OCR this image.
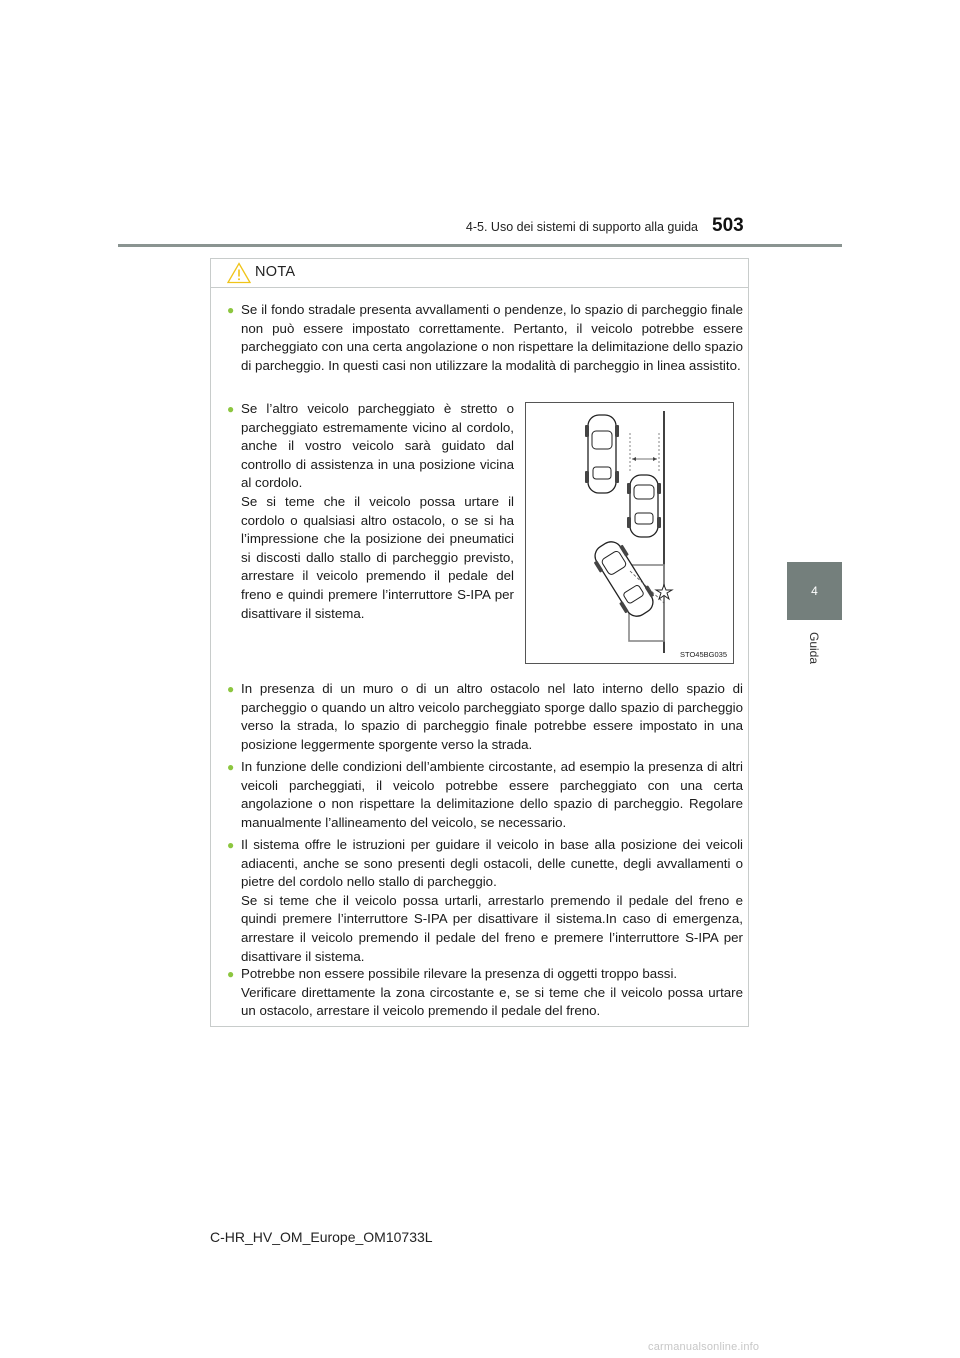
4-5. Uso dei sistemi di supporto alla guida 503
4
Guida
NOTA
● Se il fondo stradale presenta avvallamenti o pendenze, lo spazio di parcheggio finale non può essere impostato correttamente. Pertanto, il veicolo potrebbe essere parcheggiato con una certa angolazione o non rispettare la delimitazione dello spazio di parcheggio. In questi casi non utilizzare la modalità di parcheggio in linea assistito.

● Se l’altro veicolo parcheggiato è stretto o parcheggiato estremamente vicino al cordolo, anche il vostro veicolo sarà guidato dal controllo di assistenza in una posizione vicina al cordolo.

Se si teme che il veicolo possa urtare il cordolo o qualsiasi altro ostacolo, o se si ha l’impressione che la posizione dei pneumatici si discosti dallo stallo di parcheggio previsto, arrestare il veicolo premendo il pedale del freno e quindi premere l’interruttore S-IPA per disattivare il sistema.

STO45BG035
● In presenza di un muro o di un altro ostacolo nel lato interno dello spazio di parcheggio o quando un altro veicolo parcheggiato sporge dallo spazio di parcheggio verso la strada, lo spazio di parcheggio finale potrebbe essere impostato in una posizione leggermente sporgente verso la strada.

● In funzione delle condizioni dell’ambiente circostante, ad esempio la presenza di altri veicoli parcheggiati, il veicolo potrebbe essere parcheggiato con una certa angolazione o non rispettare la delimitazione dello spazio di parcheggio. Regolare manualmente l’allineamento del veicolo, se necessario.

● Il sistema offre le istruzioni per guidare il veicolo in base alla posizione dei veicoli adiacenti, anche se sono presenti degli ostacoli, delle cunette, degli avvallamenti o pietre del cordolo nello stallo di parcheggio.

Se si teme che il veicolo possa urtarli, arrestarlo premendo il pedale del freno e quindi premere l’interruttore S-IPA per disattivare il sistema.In caso di emergenza, arrestare il veicolo premendo il pedale del freno e premere l’interruttore S-IPA per disattivare il sistema.

● Potrebbe non essere possibile rilevare la presenza di oggetti troppo bassi.

Verificare direttamente la zona circostante e, se si teme che il veicolo possa urtare un ostacolo, arrestare il veicolo premendo il pedale del freno.

C-HR_HV_OM_Europe_OM10733L
carmanualsonline.info
